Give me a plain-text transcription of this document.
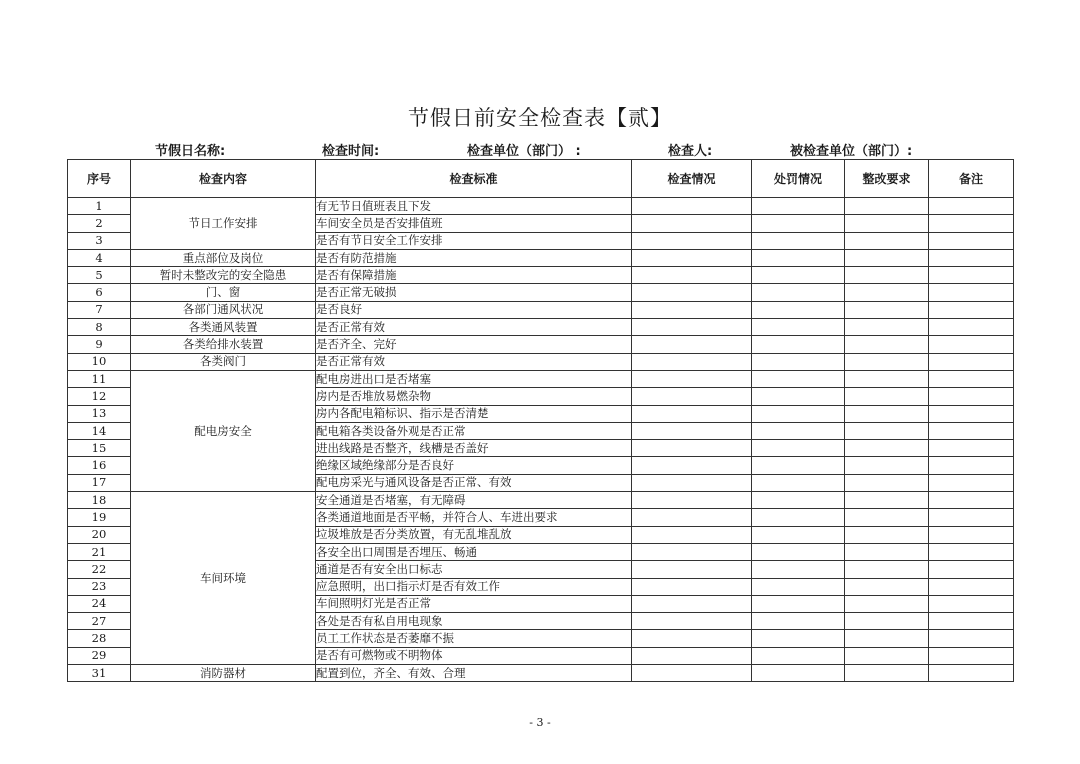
节假日前安全检查表【贰】
节假日名称:	检查时间:	检查单位（部门） :	检查人:	被检查单位（部门）:
序号	检查内容	检查标准	检查情况	处罚情况	整改要求	备注
1	节日工作安排	有无节日值班表且下发				
2		车间安全员是否安排值班				
3		是否有节日安全工作安排				
4	重点部位及岗位	是否有防范措施				
5	暂时未整改完的安全隐患	是否有保障措施				
6	门、窗	是否正常无破损				
7	各部门通风状况	是否良好				
8	各类通风装置	是否正常有效				
9	各类给排水装置	是否齐全、完好				
10	各类阀门	是否正常有效				
11	配电房安全	配电房进出口是否堵塞				
12		房内是否堆放易燃杂物				
13		房内各配电箱标识、指示是否清楚				
14		配电箱各类设备外观是否正常				
15		进出线路是否整齐，线槽是否盖好				
16		绝缘区域绝缘部分是否良好				
17		配电房采光与通风设备是否正常、有效				
18	车间环境	安全通道是否堵塞，有无障碍				
19		各类通道地面是否平畅，并符合人、车进出要求				
20		垃圾堆放是否分类放置，有无乱堆乱放				
21		各安全出口周围是否埋压、畅通				
22		通道是否有安全出口标志				
23		应急照明，出口指示灯是否有效工作				
24		车间照明灯光是否正常				
27		各处是否有私自用电现象				
28		员工工作状态是否萎靡不振				
29		是否有可燃物或不明物体				
31	消防器材	配置到位，齐全、有效、合理				
- 3 -
